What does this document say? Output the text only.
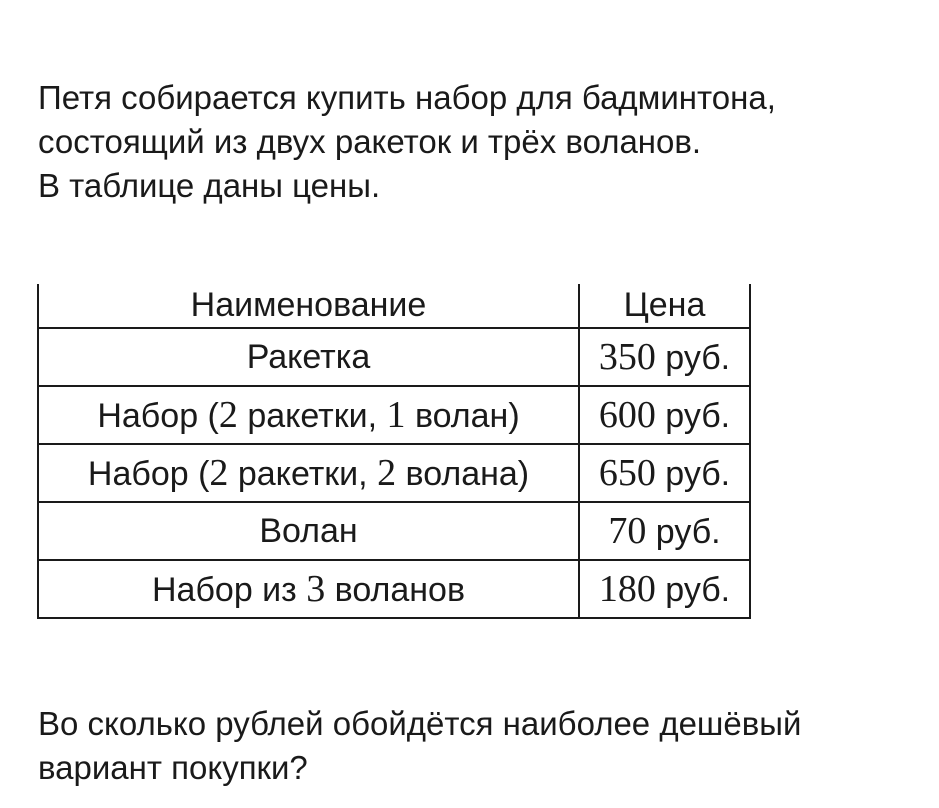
Петя собирается купить набор для бадминтона,
состоящий из двух ракеток и трёх воланов.
В таблице даны цены.
Наименование	Цена
Ракетка	350 руб.
Набор (2 ракетки, 1 волан)	600 руб.
Набор (2 ракетки, 2 волана)	650 руб.
Волан	70 руб.
Набор из 3 воланов	180 руб.
Во сколько рублей обойдётся наиболее дешёвый
вариант покупки?
